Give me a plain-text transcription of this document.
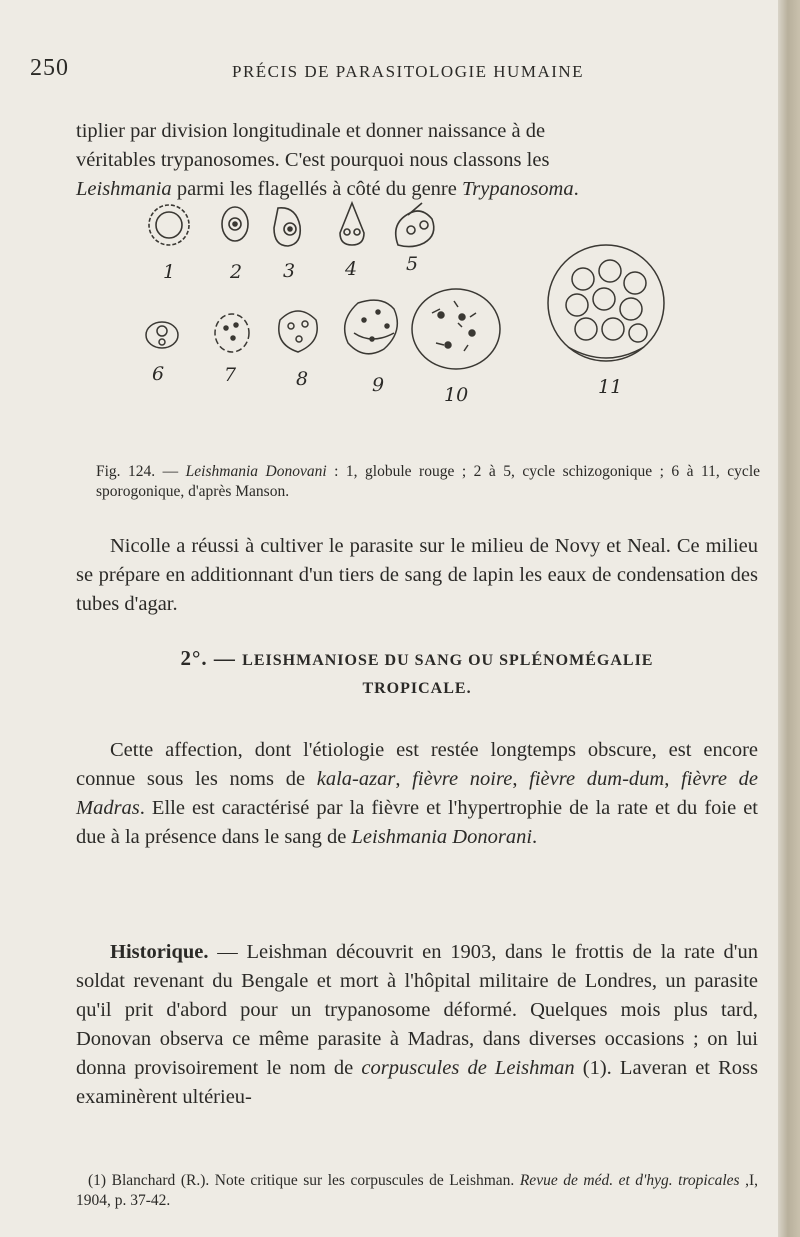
250	PRÉCIS DE PARASITOLOGIE HUMAINE

tiplier par division longitudinale et donner naissance à de
véritables trypanosomes. C'est pourquoi nous classons les
Leishmania parmi les flagellés à côté du genre Trypanosoma.

1	2 3	4	5
6	7	8	9	10	11

Fig. 124. — Leishmania Donovani : 1, globule rouge ; 2 à 5, cycle schizogonique ; 6 à 11, cycle sporogonique, d'après Manson.

Nicolle a réussi à cultiver le parasite sur le milieu de Novy et Neal. Ce milieu se prépare en additionnant d'un tiers de sang de lapin les eaux de condensation des tubes d'agar.

2°. — LEISHMANIOSE DU SANG OU SPLÉNOMÉGALIE
TROPICALE.

Cette affection, dont l'étiologie est restée longtemps obscure, est encore connue sous les noms de kala-azar, fièvre noire, fièvre dum-dum, fièvre de Madras. Elle est caractérisé par la fièvre et l'hypertrophie de la rate et du foie et due à la présence dans le sang de Leishmania Donorani.

Historique. — Leishman découvrit en 1903, dans le frottis de la rate d'un soldat revenant du Bengale et mort à l'hôpital militaire de Londres, un parasite qu'il prit d'abord pour un trypanosome déformé. Quelques mois plus tard, Donovan observa ce même parasite à Madras, dans diverses occasions ; on lui donna provisoirement le nom de corpuscules de Leishman (1). Laveran et Ross examinèrent ultérieu-

(1) Blanchard (R.). Note critique sur les corpuscules de Leishman. Revue de méd. et d'hyg. tropicales ,I, 1904, p. 37-42.
